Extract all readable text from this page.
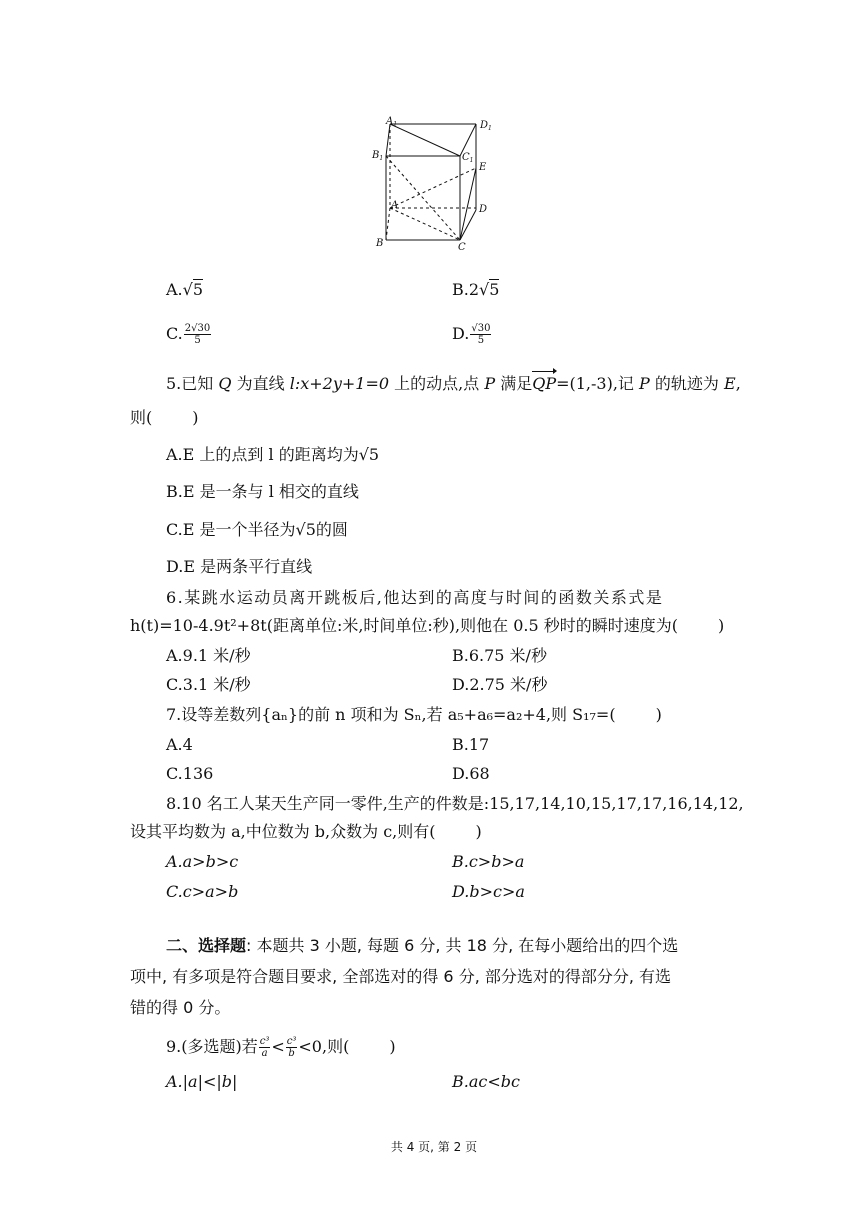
$A_1$	$D_1$
$B_1$	$C_1$
E
A	D
B	C
A.√5	B.2√5
C. $\frac{2√30}{5}$	D. $\frac{√30}{5}$
5.已知 Q 为直线 l:x+2y+1=0 上的动点,点 P 满足QP=(1,-3),记 P 的轨迹为 E,
则(	)
A.E 上的点到 l 的距离均为√5
B.E 是一条与 l 相交的直线
C.E 是一个半径为√5的圆
D.E 是两条平行直线
6.某跳水运动员离开跳板后,他达到的高度与时间的函数关系式是
h(t)=10-4.9t²+8t(距离单位:米,时间单位:秒),则他在 0.5 秒时的瞬时速度为(	)
A.9.1 米/秒	B.6.75 米/秒
C.3.1 米/秒	D.2.75 米/秒
7.设等差数列{aₙ}的前 n 项和为 Sₙ,若 a₅+a₆=a₂+4,则 S₁₇=(	)
A.4	B.17
C.136	D.68
8.10 名工人某天生产同一零件,生产的件数是:15,17,14,10,15,17,17,16,14,12,
设其平均数为 a,中位数为 b,众数为 c,则有(	)
A.a>b>c	B.c>b>a
C.c>a>b	D.b>c>a
二、选择题: 本题共 3 小题, 每题 6 分, 共 18 分, 在每小题给出的四个选
项中, 有多项是符合题目要求, 全部选对的得 6 分, 部分选对的得部分分, 有选
错的得 0 分。
9.(多选题)若 $\frac{\text{c³}}{a} < \frac{\text{c³}}{b} <0$,则(	)
A.|a|<|b|	B.ac<bc
共 4 页, 第 2 页
